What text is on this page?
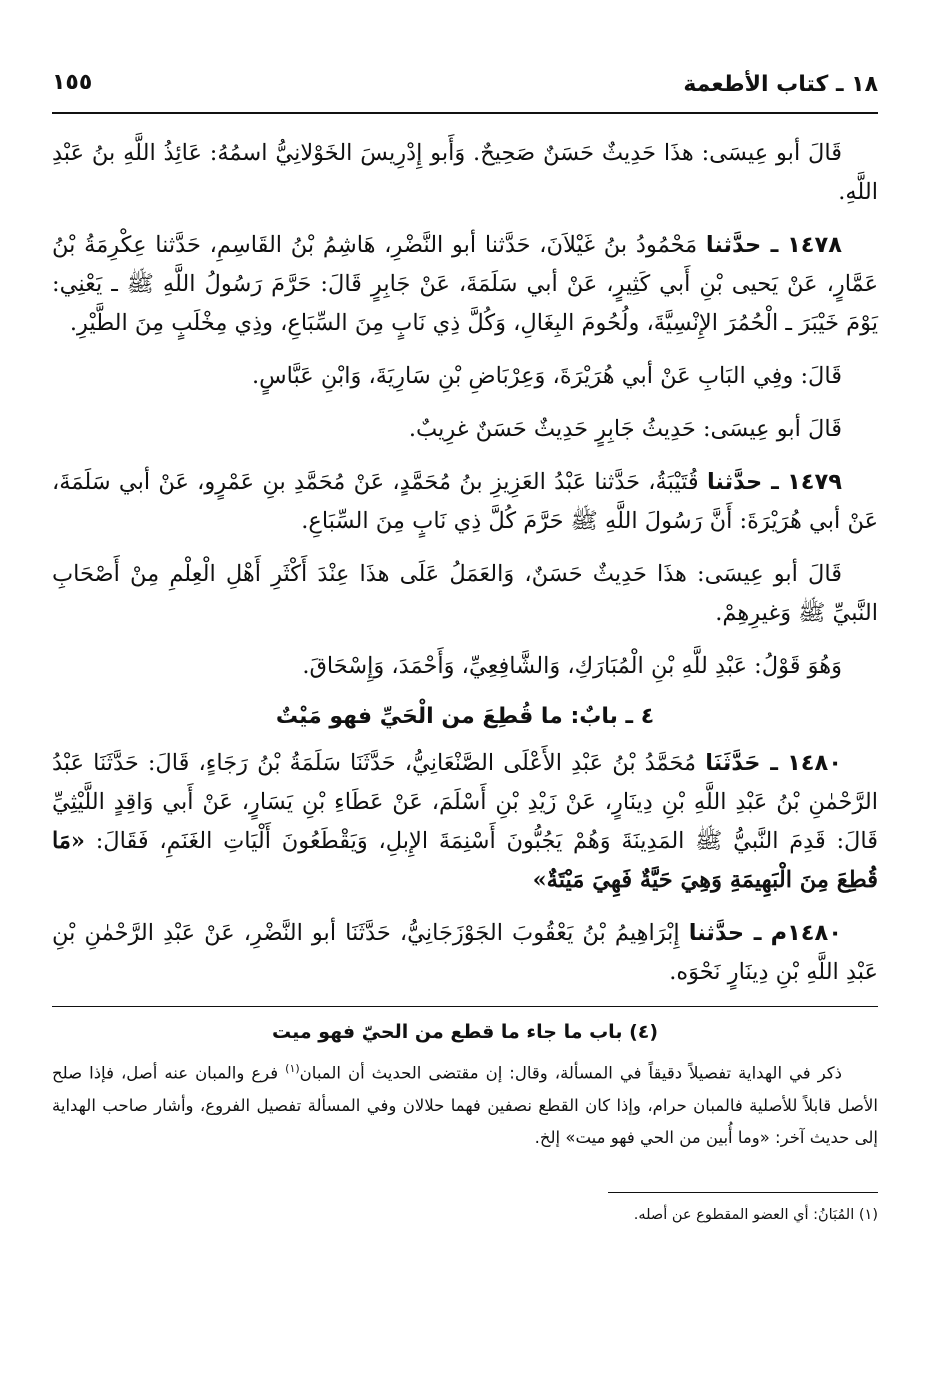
١٨ ـ كتاب الأطعمة
١٥٥

قَالَ أبو عِيسَى: هذَا حَدِيثٌ حَسَنٌ صَحِيحٌ. وَأَبو إِدْرِيسَ الخَوْلانِيُّ اسمُهُ: عَائِذُ اللَّهِ بنُ عَبْدِ اللَّهِ.

١٤٧٨ ـ حدَّثنا مَحْمُودُ بنُ غَيْلاَنَ، حَدَّثنا أبو النَّضْرِ، هَاشِمُ بْنُ القَاسِمِ، حَدَّثنا عِكْرِمَةُ بْنُ عَمَّارٍ، عَنْ يَحيى بْنِ أَبي كَثِيرٍ، عَنْ أبي سَلَمَةَ، عَنْ جَابِرٍ قَالَ: حَرَّمَ رَسُولُ اللَّهِ ﷺ ـ يَعْنِي: يَوْمَ خَيْبَرَ ـ الْحُمُرَ الإِنْسِيَّةَ، ولُحُومَ البِغَالِ، وَكُلَّ ذِي نَابٍ مِنَ السِّبَاعِ، وذِي مِخْلَبٍ مِنَ الطَّيْرِ.

قَالَ: وفِي البَابِ عَنْ أبي هُرَيْرَةَ، وَعِرْبَاضِ بْنِ سَارِيَةَ، وَابْنِ عَبَّاسٍ.

قَالَ أبو عِيسَى: حَدِيثُ جَابِرٍ حَدِيثٌ حَسَنٌ غرِيبٌ.

١٤٧٩ ـ حدَّثنا قُتَيْبَةُ، حَدَّثنا عَبْدُ العَزِيزِ بنُ مُحَمَّدٍ، عَنْ مُحَمَّدِ بنِ عَمْرٍو، عَنْ أبي سَلَمَةَ، عَنْ أبي هُرَيْرَةَ: أَنَّ رَسُولَ اللَّهِ ﷺ حَرَّمَ كُلَّ ذِي نَابٍ مِنَ السِّبَاعِ.

قَالَ أبو عِيسَى: هذَا حَدِيثٌ حَسَنٌ، وَالعَمَلُ عَلَى هذَا عِنْدَ أَكْثَرِ أَهْلِ الْعِلْمِ مِنْ أَصْحَابِ النَّبيِّ ﷺ وَغيرِهِمْ.

وَهُوَ قَوْلُ: عَبْدِ للَّهِ بْنِ الْمُبَارَكِ، وَالشَّافِعِيِّ، وَأَحْمَدَ، وَإِسْحَاقَ.

٤ ـ بابٌ: ما قُطِعَ من الْحَيِّ فهو مَيْتٌ

١٤٨٠ ـ حَدَّثَنَا مُحَمَّدُ بْنُ عَبْدِ الأَعْلَى الصَّنْعَانِيُّ، حَدَّثَنَا سَلَمَةُ بْنُ رَجَاءٍ، قَالَ: حَدَّثَنَا عَبْدُ الرَّحْمٰنِ بْنُ عَبْدِ اللَّهِ بْنِ دِينَارٍ، عَنْ زَيْدِ بْنِ أَسْلَمَ، عَنْ عَطَاءِ بْنِ يَسَارٍ، عَنْ أَبي وَاقِدٍ اللَّيْثِيِّ قَالَ: قَدِمَ النَّبيُّ ﷺ المَدِينَةَ وَهُمْ يَجُبُّونَ أَسْنِمَةَ الإِبلِ، وَيَقْطَعُونَ أَلْيَاتِ الغَنَمِ، فَقَالَ: «مَا قُطِعَ مِنَ الْبَهِيمَةِ وَهِيَ حَيَّةٌ فَهِيَ مَيْتَةٌ»

١٤٨٠م ـ حدَّثنا إِبْرَاهِيمُ بْنُ يَعْقُوبَ الجَوْزَجَانِيُّ، حَدَّثَنَا أبو النَّضْرِ، عَنْ عَبْدِ الرَّحْمٰنِ بْنِ عَبْدِ اللَّهِ بْنِ دِينَارٍ نَحْوَه.

(٤) باب ما جاء ما قطع من الحيّ فهو ميت

ذكر في الهداية تفصيلاً دقيقاً في المسألة، وقال: إن مقتضى الحديث أن المبان$^{(١)}$ فرع والمبان عنه أصل، فإذا صلح الأصل قابلاً للأصلية فالمبان حرام، وإذا كان القطع نصفين فهما حلالان وفي المسألة تفصيل الفروع، وأشار صاحب الهداية إلى حديث آخر: «وما أُبين من الحي فهو ميت» إلخ.

(١) المُبَانُ: أي العضو المقطوع عن أصله.
